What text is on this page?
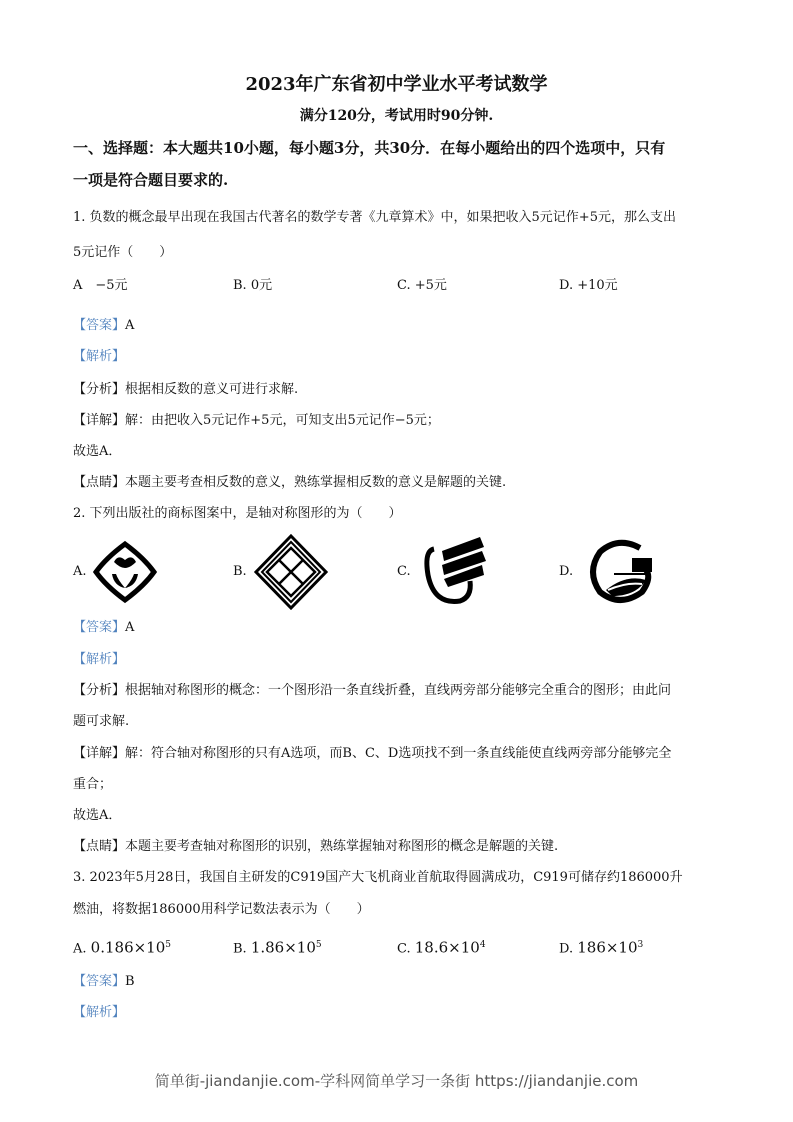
2023年广东省初中学业水平考试数学
满分120分，考试用时90分钟.
一、选择题：本大题共10小题，每小题3分，共30分．在每小题给出的四个选项中，只有
一项是符合题目要求的.
1. 负数的概念最早出现在我国古代著名的数学专著《九章算术》中，如果把收入5元记作+5元，那么支出
5元记作（　　）
A　−5元	B. 0元	C. +5元	D. +10元
【答案】A
【解析】
【分析】根据相反数的意义可进行求解.
【详解】解：由把收入5元记作+5元，可知支出5元记作−5元；
故选A．
【点睛】本题主要考查相反数的意义，熟练掌握相反数的意义是解题的关键.
2. 下列出版社的商标图案中，是轴对称图形的为（　　）
A.	B.	C.	D.
【答案】A
【解析】
【分析】根据轴对称图形的概念：一个图形沿一条直线折叠，直线两旁部分能够完全重合的图形；由此问
题可求解.
【详解】解：符合轴对称图形的只有A选项，而B、C、D选项找不到一条直线能使直线两旁部分能够完全
重合；
故选A．
【点睛】本题主要考查轴对称图形的识别，熟练掌握轴对称图形的概念是解题的关键.
3. 2023年5月28日，我国自主研发的C919国产大飞机商业首航取得圆满成功，C919可储存约186000升
燃油，将数据186000用科学记数法表示为（　　）
A. $0.186\times 10^5$	B. $1.86\times 10^5$	C. $18.6\times 10^4$	D. $186\times 10^3$
【答案】B
【解析】
简单街-jiandanjie.com-学科网简单学习一条街 https://jiandanjie.com
